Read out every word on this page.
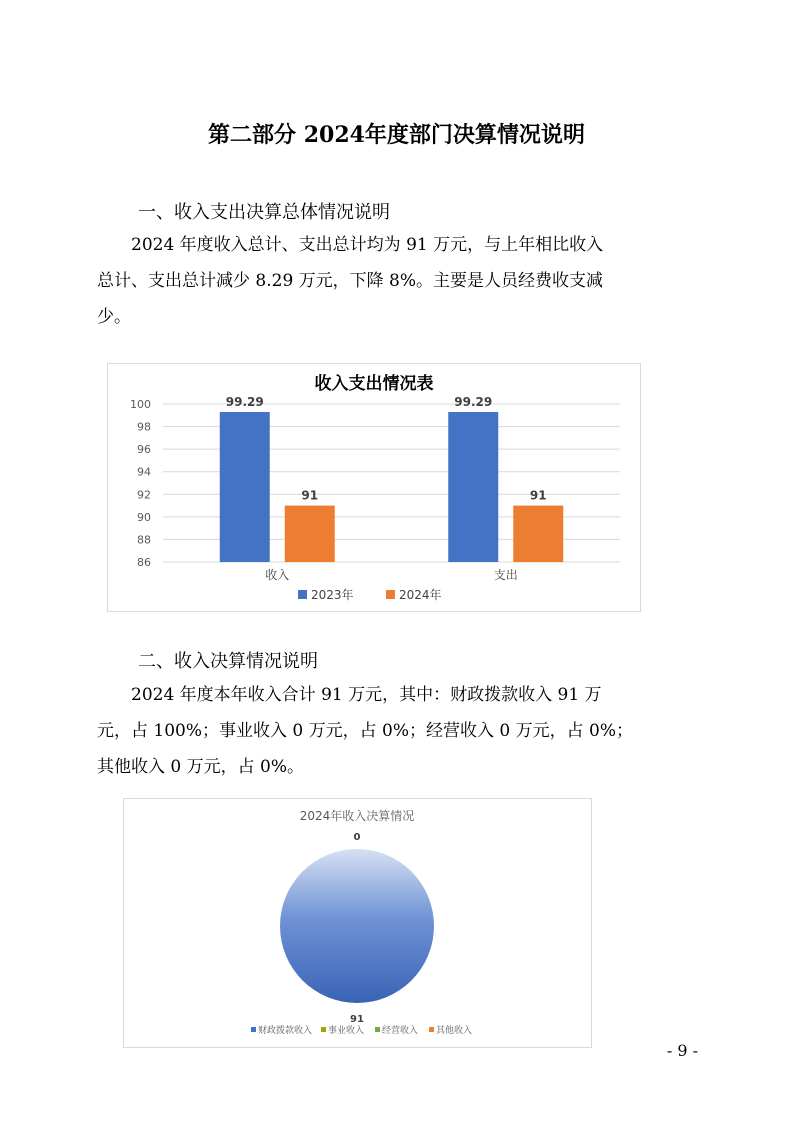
第二部分 2024年度部门决算情况说明
一、收入支出决算总体情况说明

2024 年度收入总计、支出总计均为 91 万元，与上年相比收入

总计、支出总计减少 8.29 万元，下降 8%。主要是人员经费收支减

少。

收入支出情况表
86
88
90
92
94
96
98
100	99.29
91
收入
99.29
91
支出
2023年	2024年
二、收入决算情况说明

2024 年度本年收入合计 91 万元，其中：财政拨款收入 91 万

元，占 100%；事业收入 0 万元，占 0%；经营收入 0 万元，占 0%；

其他收入 0 万元，占 0%。

2024年收入决算情况
91
0
财政拨款收入 事业收入 经营收入 其他收入
- 9 -
